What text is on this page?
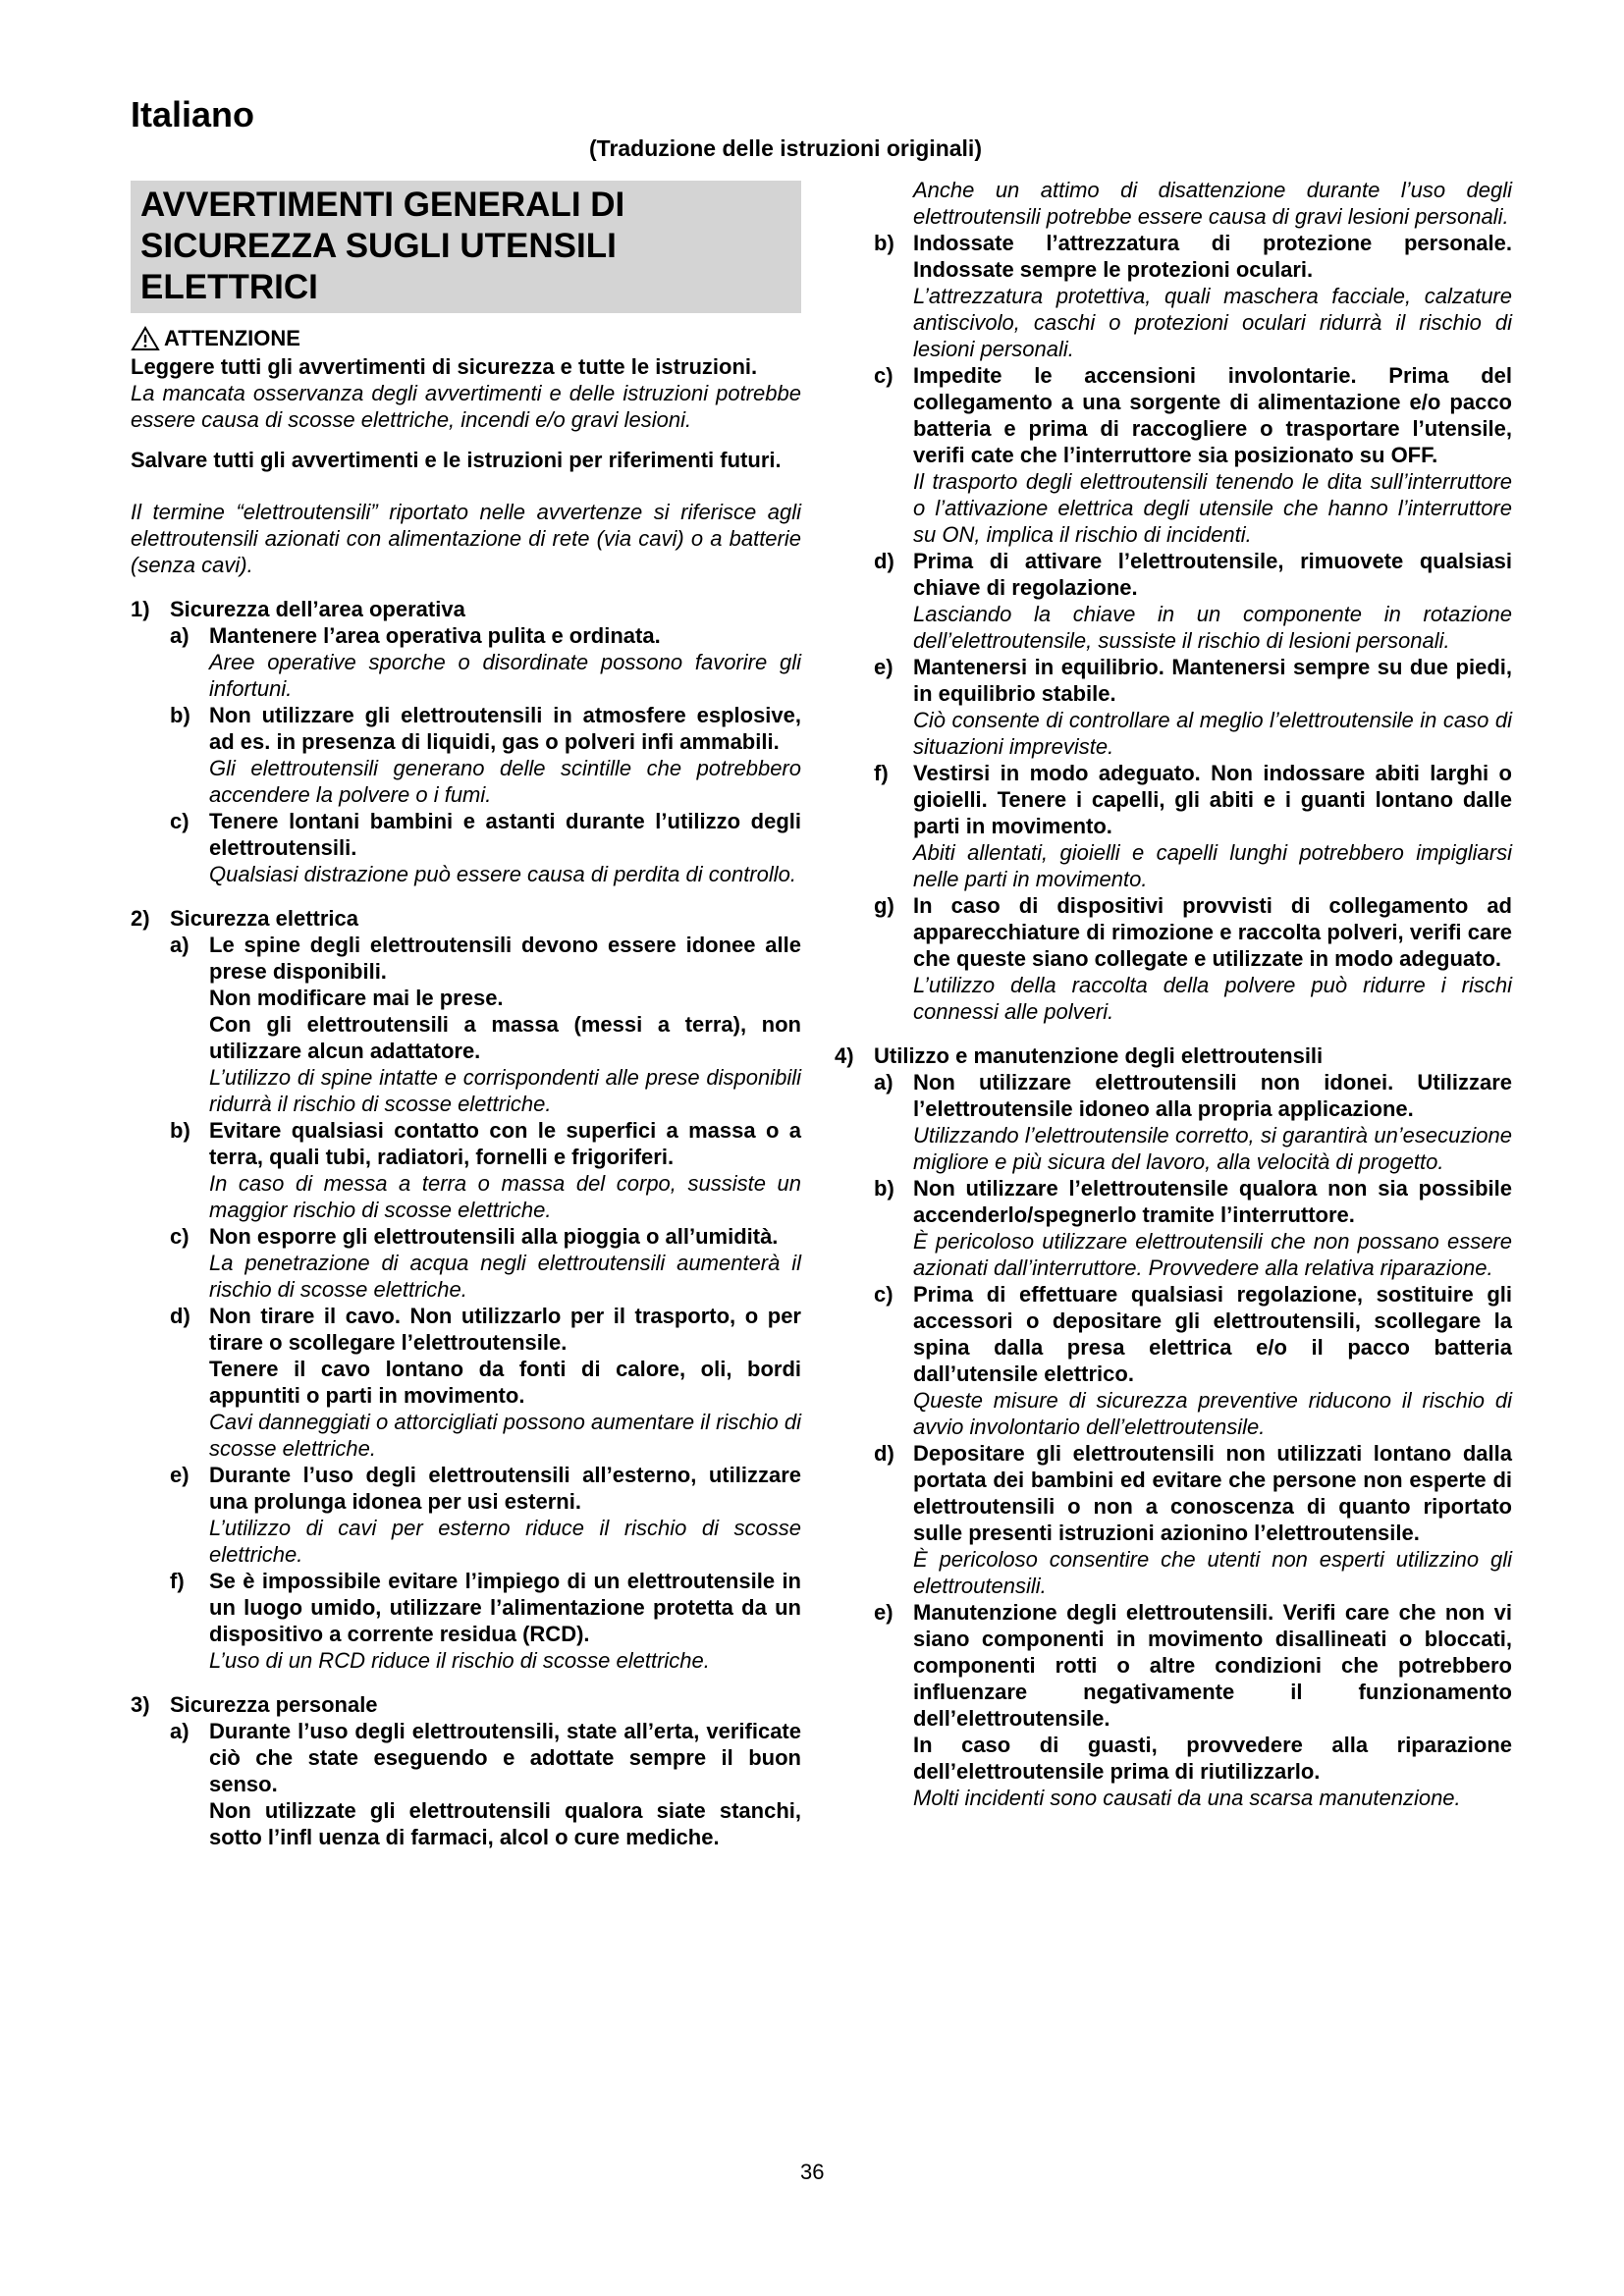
Italiano
(Traduzione delle istruzioni originali)
AVVERTIMENTI GENERALI DI SICUREZZA SUGLI UTENSILI ELETTRICI
ATTENZIONE

Leggere tutti gli avvertimenti di sicurezza e tutte le istruzioni.

La mancata osservanza degli avvertimenti e delle istruzioni potrebbe essere causa di scosse elettriche, incendi e/o gravi lesioni.

Salvare tutti gli avvertimenti e le istruzioni per riferimenti futuri.

Il termine “elettroutensili” riportato nelle avvertenze si riferisce agli elettroutensili azionati con alimentazione di rete (via cavi) o a batterie (senza cavi).

1) Sicurezza dell’area operativa
a) Mantenere l’area operativa pulita e ordinata.

Aree operative sporche o disordinate possono favorire gli infortuni.

b) Non utilizzare gli elettroutensili in atmosfere esplosive, ad es. in presenza di liquidi, gas o polveri infi ammabili.

Gli elettroutensili generano delle scintille che potrebbero accendere la polvere o i fumi.

c) Tenere lontani bambini e astanti durante l’utilizzo degli elettroutensili.

Qualsiasi distrazione può essere causa di perdita di controllo.

2) Sicurezza elettrica
a) Le spine degli elettroutensili devono essere idonee alle prese disponibili.

Non modificare mai le prese.

Con gli elettroutensili a massa (messi a terra), non utilizzare alcun adattatore.

L’utilizzo di spine intatte e corrispondenti alle prese disponibili ridurrà il rischio di scosse elettriche.

b) Evitare qualsiasi contatto con le superfici a massa o a terra, quali tubi, radiatori, fornelli e frigoriferi.

In caso di messa a terra o massa del corpo, sussiste un maggior rischio di scosse elettriche.

c) Non esporre gli elettroutensili alla pioggia o all’umidità.

La penetrazione di acqua negli elettroutensili aumenterà il rischio di scosse elettriche.

d) Non tirare il cavo. Non utilizzarlo per il trasporto, o per tirare o scollegare l’elettroutensile.

Tenere il cavo lontano da fonti di calore, oli, bordi appuntiti o parti in movimento.

Cavi danneggiati o attorcigliati possono aumentare il rischio di scosse elettriche.

e) Durante l’uso degli elettroutensili all’esterno, utilizzare una prolunga idonea per usi esterni.

L’utilizzo di cavi per esterno riduce il rischio di scosse elettriche.

f)	Se è impossibile evitare l’impiego di un elettroutensile in un luogo umido, utilizzare l’alimentazione protetta da un dispositivo a corrente residua (RCD).

L’uso di un RCD riduce il rischio di scosse elettriche.

3) Sicurezza personale
a) Durante l’uso degli elettroutensili, state all’erta, verificate ciò che state eseguendo e adottate sempre il buon senso.

Non utilizzate gli elettroutensili qualora siate stanchi, sotto l’infl uenza di farmaci, alcol o cure mediche.

Anche un attimo di disattenzione durante l’uso degli elettroutensili potrebbe essere causa di gravi lesioni personali.

b) Indossate l’attrezzatura di protezione personale. Indossate sempre le protezioni oculari.

L’attrezzatura protettiva, quali maschera facciale, calzature antiscivolo, caschi o protezioni oculari ridurrà il rischio di lesioni personali.

c) Impedite le accensioni involontarie. Prima del collegamento a una sorgente di alimentazione e/o pacco batteria e prima di raccogliere o trasportare l’utensile, verifi cate che l’interruttore sia posizionato su OFF.

Il trasporto degli elettroutensili tenendo le dita sull’interruttore o l’attivazione elettrica degli utensile che hanno l’interruttore su ON, implica il rischio di incidenti.

d) Prima di attivare l’elettroutensile, rimuovete qualsiasi chiave di regolazione.

Lasciando la chiave in un componente in rotazione dell’elettroutensile, sussiste il rischio di lesioni personali.

e) Mantenersi in equilibrio. Mantenersi sempre su due piedi, in equilibrio stabile.

Ciò consente di controllare al meglio l’elettroutensile in caso di situazioni impreviste.

f)	Vestirsi in modo adeguato. Non indossare abiti larghi o gioielli. Tenere i capelli, gli abiti e i guanti lontano dalle parti in movimento.

Abiti allentati, gioielli e capelli lunghi potrebbero impigliarsi nelle parti in movimento.

g) In caso di dispositivi provvisti di collegamento ad apparecchiature di rimozione e raccolta polveri, verifi care che queste siano collegate e utilizzate in modo adeguato.

L’utilizzo della raccolta della polvere può ridurre i rischi connessi alle polveri.

4) Utilizzo e manutenzione degli elettroutensili
a) Non utilizzare elettroutensili non idonei. Utilizzare l’elettroutensile idoneo alla propria applicazione.

Utilizzando l’elettroutensile corretto, si garantirà un’esecuzione migliore e più sicura del lavoro, alla velocità di progetto.

b) Non utilizzare l’elettroutensile qualora non sia possibile accenderlo/spegnerlo tramite l’interruttore.

È pericoloso utilizzare elettroutensili che non possano essere azionati dall’interruttore. Provvedere alla relativa riparazione.

c) Prima di effettuare qualsiasi regolazione, sostituire gli accessori o depositare gli elettroutensili, scollegare la spina dalla presa elettrica e/o il pacco batteria dall’utensile elettrico.

Queste misure di sicurezza preventive riducono il rischio di avvio involontario dell’elettroutensile.

d) Depositare gli elettroutensili non utilizzati lontano dalla portata dei bambini ed evitare che persone non esperte di elettroutensili o non a conoscenza di quanto riportato sulle presenti istruzioni azionino l’elettroutensile.

È pericoloso consentire che utenti non esperti utilizzino gli elettroutensili.

e) Manutenzione degli elettroutensili. Verifi care che non vi siano componenti in movimento disallineati o bloccati, componenti rotti o altre condizioni che potrebbero influenzare negativamente il funzionamento dell’elettroutensile.

In caso di guasti, provvedere alla riparazione dell’elettroutensile prima di riutilizzarlo.

Molti incidenti sono causati da una scarsa manutenzione.

36
